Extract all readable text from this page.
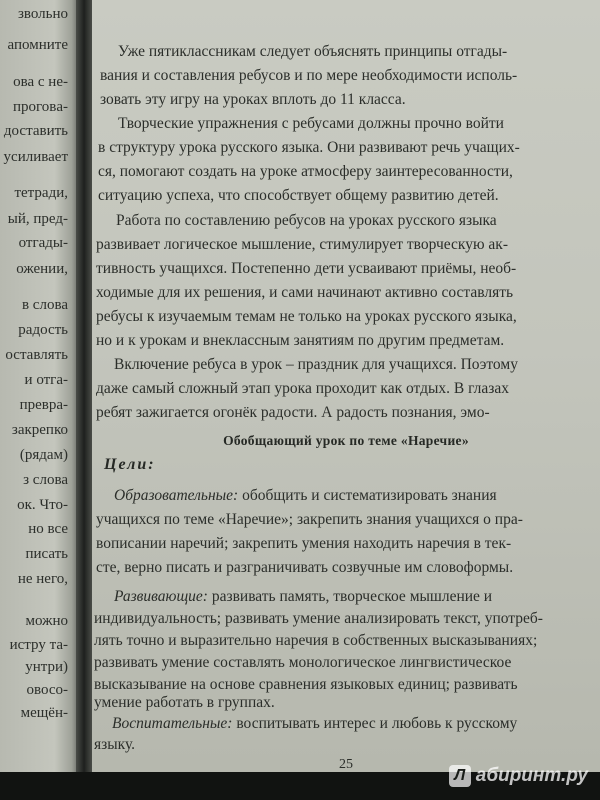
звольно
апомните
ова с не-
проговa-
доставить
усиливает
тетради,
ый, пред-
отгады-
ожении,
в слова
радость
оставлять
и отга-
преврa-
закрепко
(рядам)
з слова
ок. Что-
но все
писать
не него,
можно
истру та-
унтри)
овосо-
мещён-
Уже пятиклассникам следует объяснять принципы отгады-
вания и составления ребусов и по мере необходимости исполь-
зовать эту игру на уроках вплоть до 11 класса.
Творческие упражнения с ребусами должны прочно войти
в структуру урока русского языка. Они развивают речь учащих-
ся, помогают создать на уроке атмосферу заинтересованности,
ситуацию успеха, что способствует общему развитию детей.
Работа по составлению ребусов на уроках русского языка
развивает логическое мышление, стимулирует творческую ак-
тивность учащихся. Постепенно дети усваивают приёмы, необ-
ходимые для их решения, и сами начинают активно составлять
ребусы к изучаемым темам не только на уроках русского языка,
но и к урокам и внеклассным занятиям по другим предметам.
Включение ребуса в урок – праздник для учащихся. Поэтому
даже самый сложный этап урока проходит как отдых. В глазах
ребят зажигается огонёк радости. А радость познания, эмо-
Обобщающий урок по теме «Наречие»
Цели:
Образовательные: обобщить и систематизировать знания
учащихся по теме «Наречие»; закрепить знания учащихся о пра-
вописании наречий; закрепить умения находить наречия в тек-
сте, верно писать и разграничивать созвучные им словоформы.
Развивающие: развивать память, творческое мышление и
индивидуальность; развивать умение анализировать текст, употреб-
лять точно и выразительно наречия в собственных высказываниях;
развивать умение составлять монологическое лингвистическое
высказывание на основе сравнения языковых единиц; развивать
умение работать в группах.
Воспитательные: воспитывать интерес и любовь к русскому
языку.
25
Л абиринт.ру
